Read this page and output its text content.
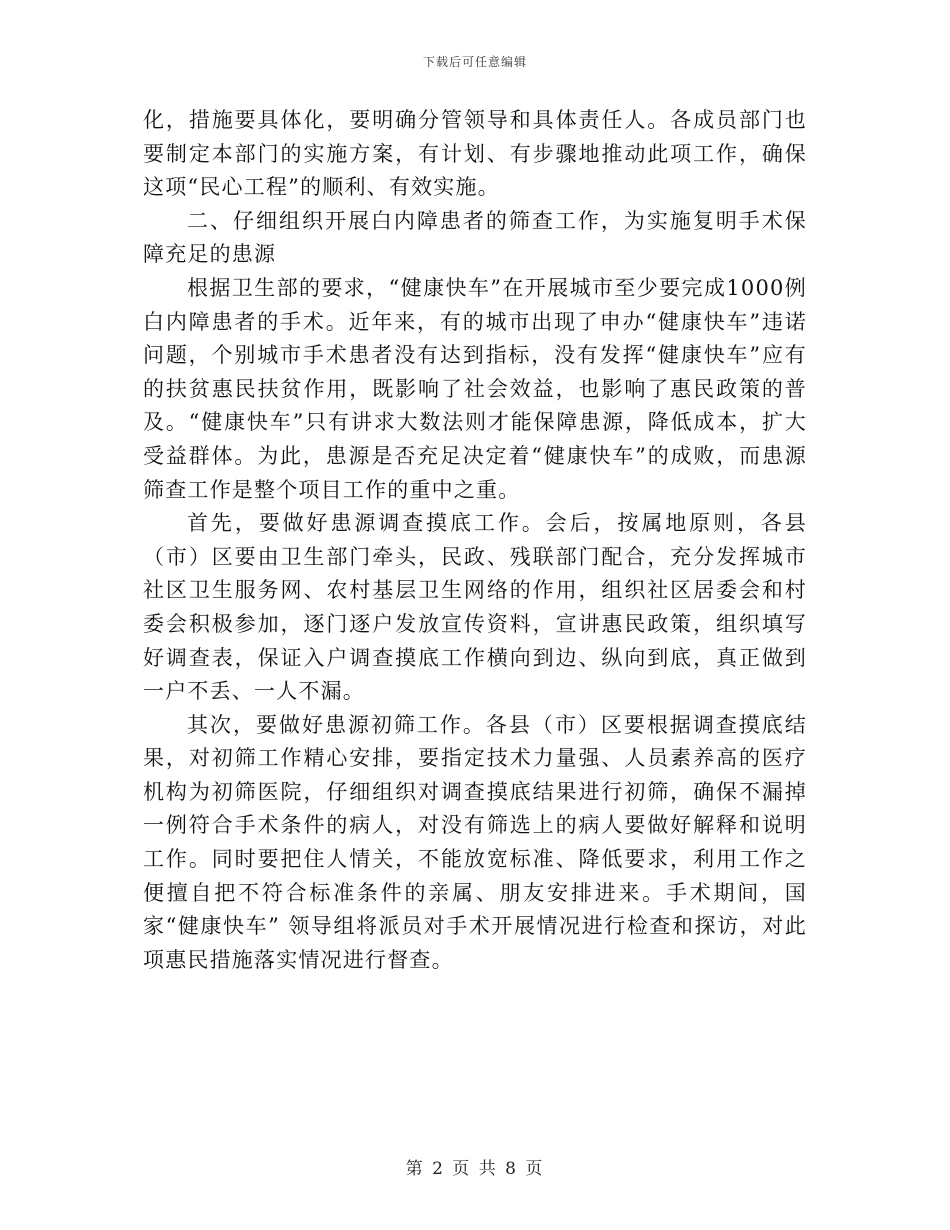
下载后可任意编辑

化，措施要具体化，要明确分管领导和具体责任人。各成员部门也要制定本部门的实施方案，有计划、有步骤地推动此项工作，确保这项“民心工程”的顺利、有效实施。

二、仔细组织开展白内障患者的筛查工作，为实施复明手术保障充足的患源

根据卫生部的要求，“健康快车”在开展城市至少要完成1000例白内障患者的手术。近年来，有的城市出现了申办“健康快车”违诺问题，个别城市手术患者没有达到指标，没有发挥“健康快车”应有的扶贫惠民扶贫作用，既影响了社会效益，也影响了惠民政策的普及。“健康快车”只有讲求大数法则才能保障患源，降低成本，扩大受益群体。为此，患源是否充足决定着“健康快车”的成败，而患源筛查工作是整个项目工作的重中之重。

首先，要做好患源调查摸底工作。会后，按属地原则，各县（市）区要由卫生部门牵头，民政、残联部门配合，充分发挥城市社区卫生服务网、农村基层卫生网络的作用，组织社区居委会和村委会积极参加，逐门逐户发放宣传资料，宣讲惠民政策，组织填写好调查表，保证入户调查摸底工作横向到边、纵向到底，真正做到一户不丢、一人不漏。

其次，要做好患源初筛工作。各县（市）区要根据调查摸底结果，对初筛工作精心安排，要指定技术力量强、人员素养高的医疗机构为初筛医院，仔细组织对调查摸底结果进行初筛，确保不漏掉一例符合手术条件的病人，对没有筛选上的病人要做好解释和说明工作。同时要把住人情关，不能放宽标准、降低要求，利用工作之便擅自把不符合标准条件的亲属、朋友安排进来。手术期间，国家“健康快车” 领导组将派员对手术开展情况进行检查和探访，对此项惠民措施落实情况进行督查。

第 2 页 共 8 页
